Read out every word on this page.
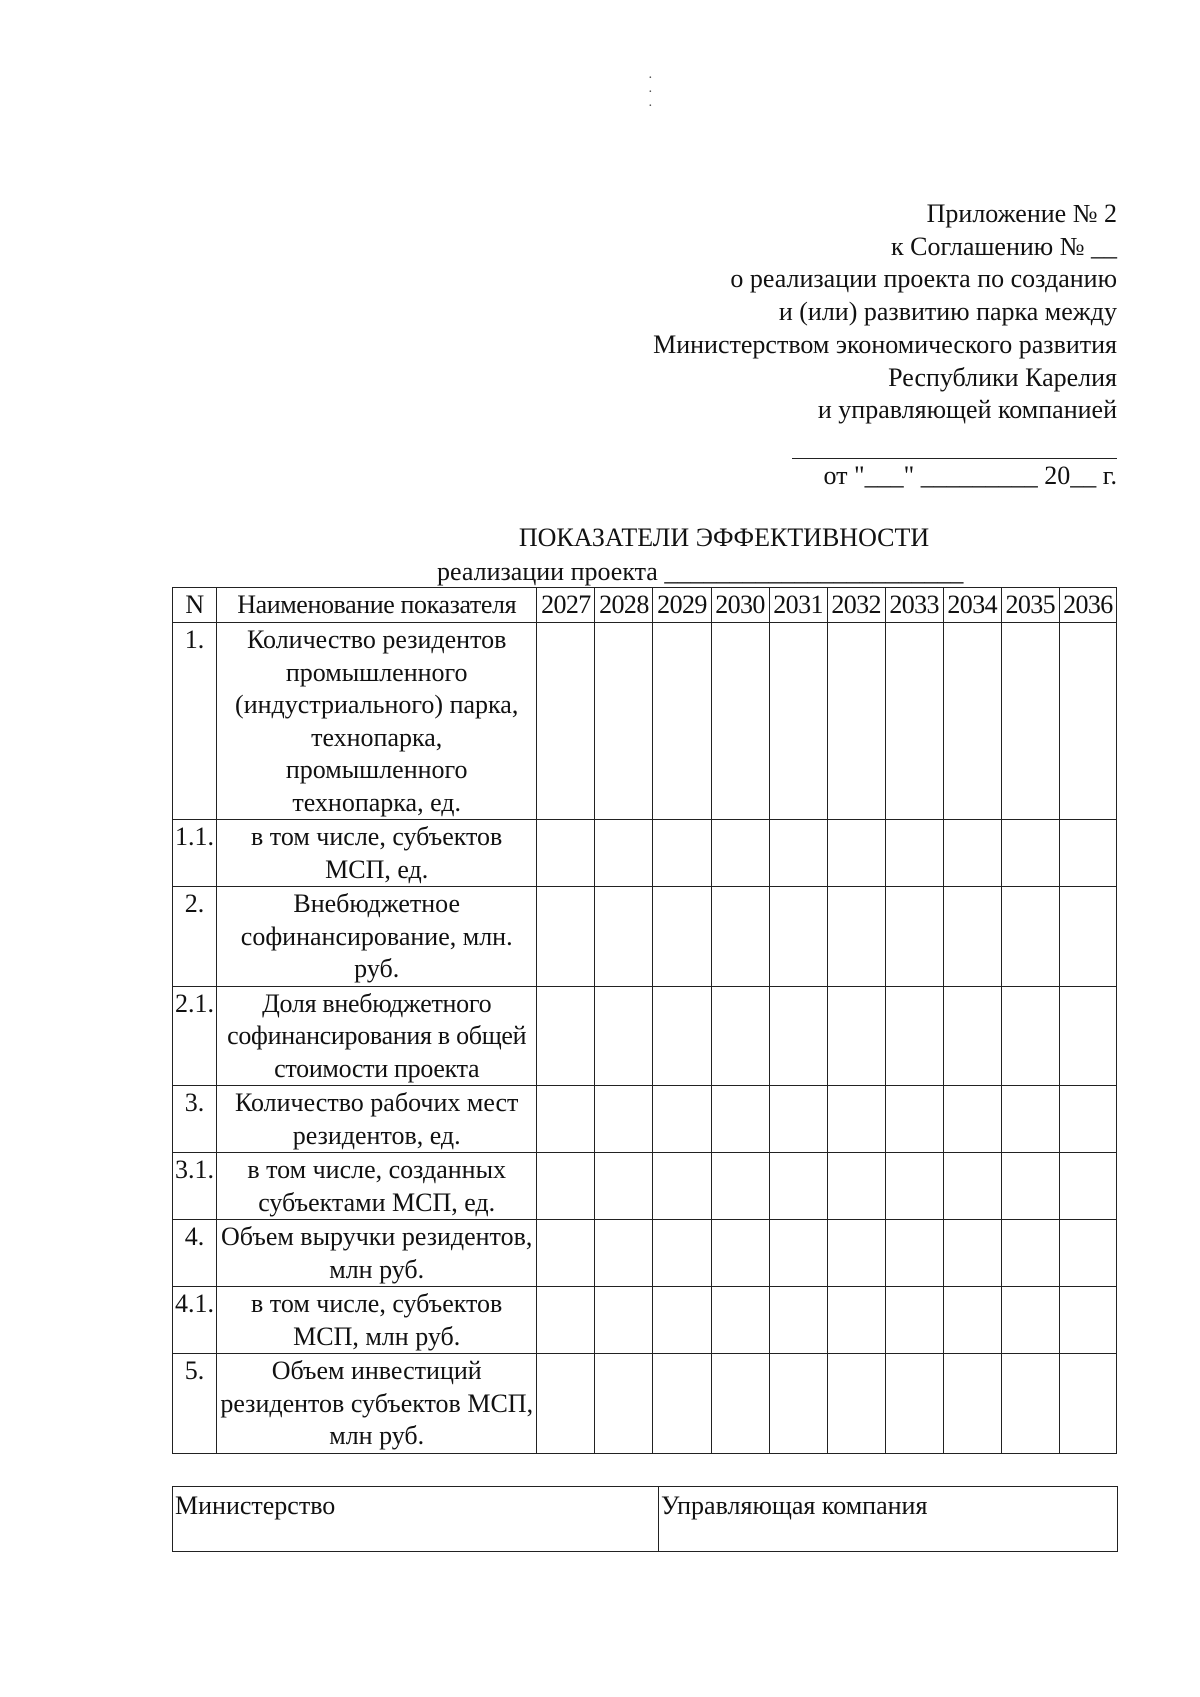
·
·
·
Приложение № 2
к Соглашению № __
о реализации проекта по созданию
и (или) развитию парка между
Министерством экономического развития
Республики Карелия
и управляющей компанией
от "___" _________ 20__ г.
ПОКАЗАТЕЛИ ЭФФЕКТИВНОСТИ
реализации проекта _______________________
N	Наименование показателя	2027	2028	2029	2030	2031	2032	2033	2034	2035	2036
1.	Количество резидентов промышленного (индустриального) парка, технопарка, промышленного технопарка, ед.										
1.1.	в том числе, субъектов МСП, ед.										
2.	Внебюджетное софинансирование, млн. руб.										
2.1.	Доля внебюджетного софинансирования в общей стоимости проекта										
3.	Количество рабочих мест резидентов, ед.										
3.1.	в том числе, созданных субъектами МСП, ед.										
4.	Объем выручки резидентов, млн руб.										
4.1.	в том числе, субъектов МСП, млн руб.										
5.	Объем инвестиций резидентов субъектов МСП, млн руб.										
Министерство	Управляющая компания
